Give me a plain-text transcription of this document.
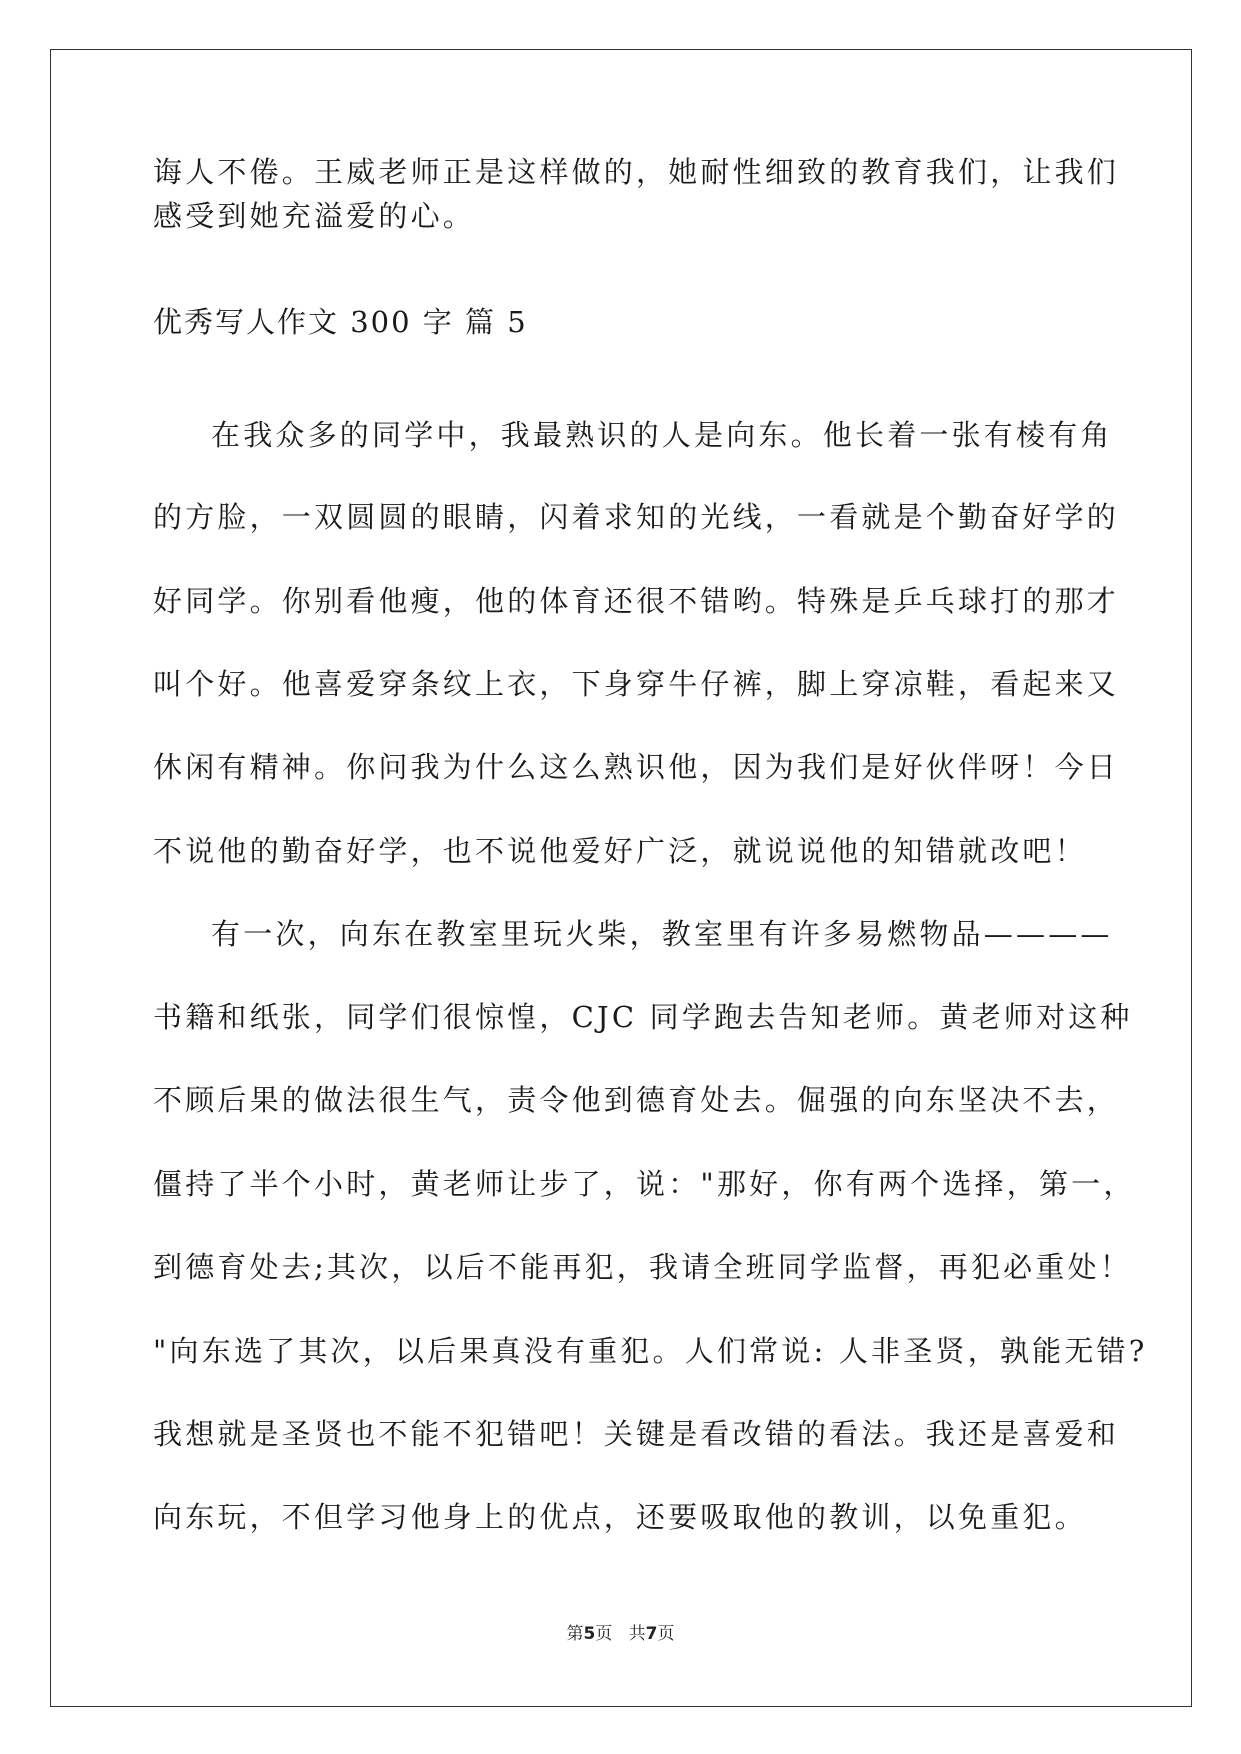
诲人不倦。王威老师正是这样做的，她耐性细致的教育我们，让我们
感受到她充溢爱的心。
优秀写人作文 300 字 篇 5
在我众多的同学中，我最熟识的人是向东。他长着一张有棱有角
的方脸，一双圆圆的眼睛，闪着求知的光线，一看就是个勤奋好学的
好同学。你别看他瘦，他的体育还很不错哟。特殊是乒乓球打的那才
叫个好。他喜爱穿条纹上衣，下身穿牛仔裤，脚上穿凉鞋，看起来又
休闲有精神。你问我为什么这么熟识他，因为我们是好伙伴呀！今日
不说他的勤奋好学，也不说他爱好广泛，就说说他的知错就改吧！
有一次，向东在教室里玩火柴，教室里有许多易燃物品————
书籍和纸张，同学们很惊惶，CJC 同学跑去告知老师。黄老师对这种
不顾后果的做法很生气，责令他到德育处去。倔强的向东坚决不去，
僵持了半个小时，黄老师让步了，说："那好，你有两个选择，第一，
到德育处去;其次，以后不能再犯，我请全班同学监督，再犯必重处！
"向东选了其次，以后果真没有重犯。人们常说: 人非圣贤，孰能无错?
我想就是圣贤也不能不犯错吧！关键是看改错的看法。我还是喜爱和
向东玩，不但学习他身上的优点，还要吸取他的教训，以免重犯。
第5页   共7页
